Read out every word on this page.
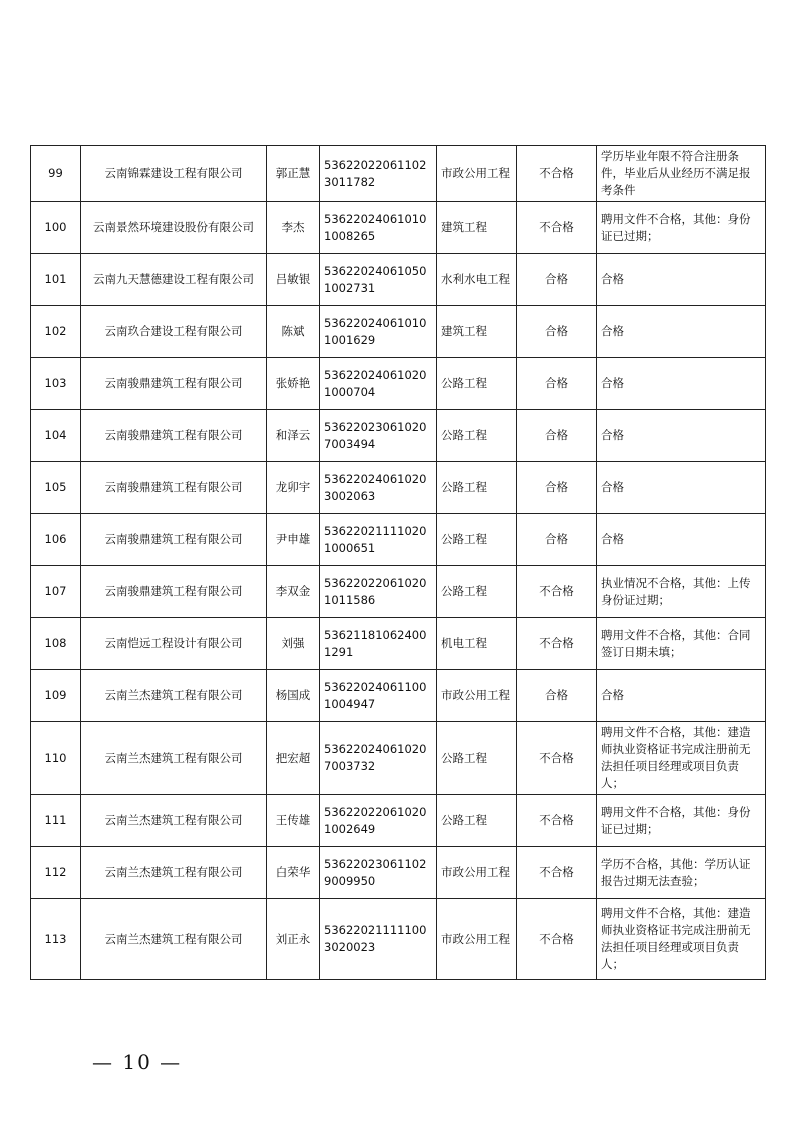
99	云南锦霖建设工程有限公司	郭正慧	536220220611023011782	市政公用工程	不合格	学历毕业年限不符合注册条件，毕业后从业经历不满足报考条件
100	云南景然环境建设股份有限公司	李杰	536220240610101008265	建筑工程	不合格	聘用文件不合格，其他：身份证已过期；
101	云南九天慧德建设工程有限公司	吕敏银	536220240610501002731	水利水电工程	合格	合格
102	云南玖合建设工程有限公司	陈斌	536220240610101001629	建筑工程	合格	合格
103	云南骏鼎建筑工程有限公司	张娇艳	536220240610201000704	公路工程	合格	合格
104	云南骏鼎建筑工程有限公司	和泽云	536220230610207003494	公路工程	合格	合格
105	云南骏鼎建筑工程有限公司	龙卯宇	536220240610203002063	公路工程	合格	合格
106	云南骏鼎建筑工程有限公司	尹申雄	536220211110201000651	公路工程	合格	合格
107	云南骏鼎建筑工程有限公司	李双金	536220220610201011586	公路工程	不合格	执业情况不合格，其他：上传身份证过期；
108	云南恺远工程设计有限公司	刘强	536211810624001291	机电工程	不合格	聘用文件不合格，其他：合同签订日期未填；
109	云南兰杰建筑工程有限公司	杨国成	536220240611001004947	市政公用工程	合格	合格
110	云南兰杰建筑工程有限公司	把宏超	536220240610207003732	公路工程	不合格	聘用文件不合格，其他：建造师执业资格证书完成注册前无法担任项目经理或项目负责人；
111	云南兰杰建筑工程有限公司	王传雄	536220220610201002649	公路工程	不合格	聘用文件不合格，其他：身份证已过期；
112	云南兰杰建筑工程有限公司	白荣华	536220230611029009950	市政公用工程	不合格	学历不合格，其他：学历认证报告过期无法查验；
113	云南兰杰建筑工程有限公司	刘正永	536220211111003020023	市政公用工程	不合格	聘用文件不合格，其他：建造师执业资格证书完成注册前无法担任项目经理或项目负责人；
— 10 —
